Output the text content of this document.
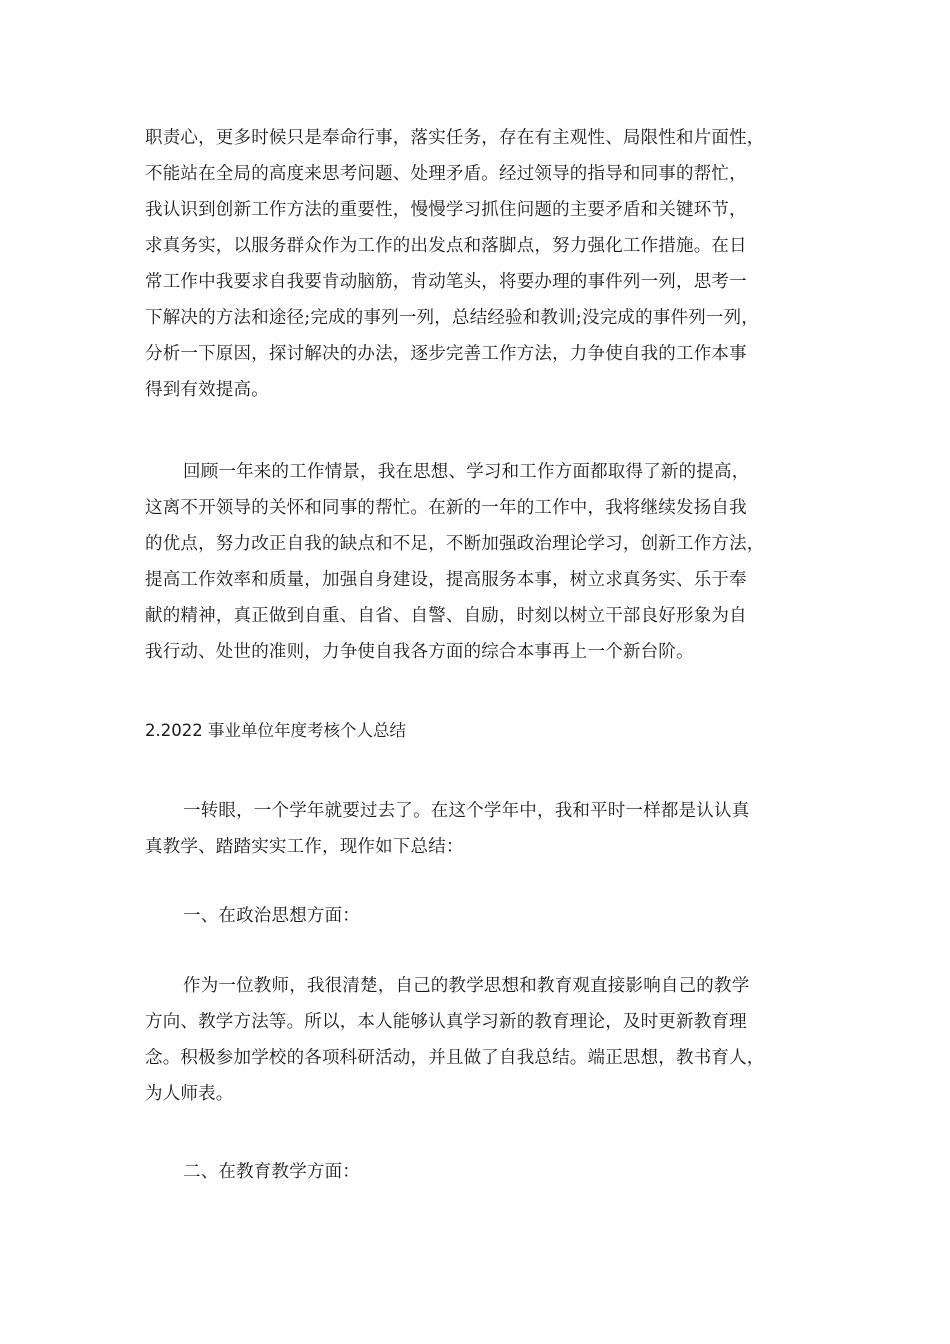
职责心，更多时候只是奉命行事，落实任务，存在有主观性、局限性和片面性，
不能站在全局的高度来思考问题、处理矛盾。经过领导的指导和同事的帮忙，
我认识到创新工作方法的重要性，慢慢学习抓住问题的主要矛盾和关键环节，
求真务实，以服务群众作为工作的出发点和落脚点，努力强化工作措施。在日
常工作中我要求自我要肯动脑筋，肯动笔头，将要办理的事件列一列，思考一
下解决的方法和途径;完成的事列一列，总结经验和教训;没完成的事件列一列，
分析一下原因，探讨解决的办法，逐步完善工作方法，力争使自我的工作本事
得到有效提高。
回顾一年来的工作情景，我在思想、学习和工作方面都取得了新的提高，
这离不开领导的关怀和同事的帮忙。在新的一年的工作中，我将继续发扬自我
的优点，努力改正自我的缺点和不足，不断加强政治理论学习，创新工作方法，
提高工作效率和质量，加强自身建设，提高服务本事，树立求真务实、乐于奉
献的精神，真正做到自重、自省、自警、自励，时刻以树立干部良好形象为自
我行动、处世的准则，力争使自我各方面的综合本事再上一个新台阶。
2.2022 事业单位年度考核个人总结
一转眼，一个学年就要过去了。在这个学年中，我和平时一样都是认认真
真教学、踏踏实实工作，现作如下总结：
一、在政治思想方面：
作为一位教师，我很清楚，自己的教学思想和教育观直接影响自己的教学
方向、教学方法等。所以，本人能够认真学习新的教育理论，及时更新教育理
念。积极参加学校的各项科研活动，并且做了自我总结。端正思想，教书育人，
为人师表。
二、在教育教学方面：
